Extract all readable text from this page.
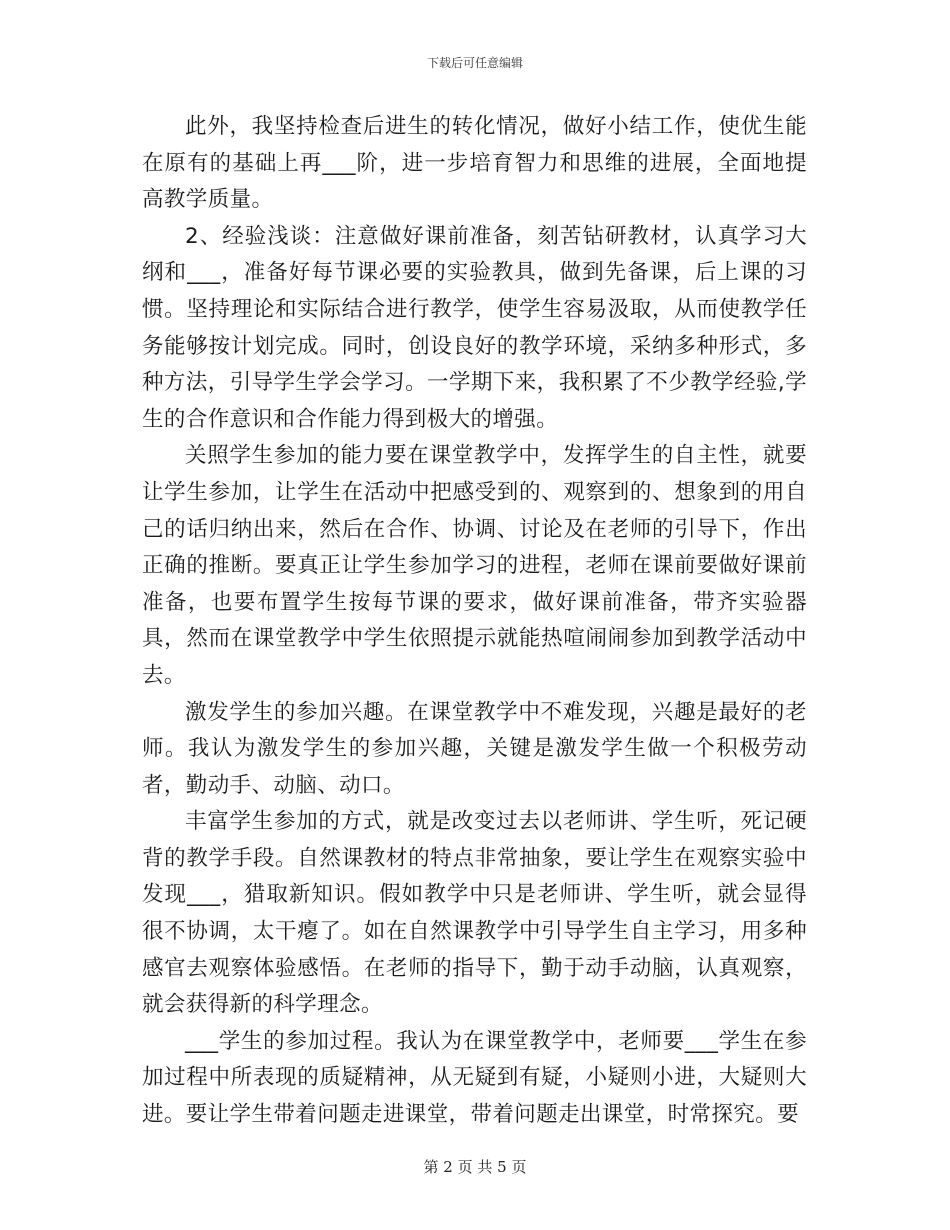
下载后可任意编辑

此外，我坚持检查后进生的转化情况，做好小结工作，使优生能在原有的基础上再___阶，进一步培育智力和思维的进展，全面地提高教学质量。

2、经验浅谈：注意做好课前准备，刻苦钻研教材，认真学习大纲和___，准备好每节课必要的实验教具，做到先备课，后上课的习惯。坚持理论和实际结合进行教学，使学生容易汲取，从而使教学任务能够按计划完成。同时，创设良好的教学环境，采纳多种形式，多种方法，引导学生学会学习。一学期下来，我积累了不少教学经验,学生的合作意识和合作能力得到极大的增强。

关照学生参加的能力要在课堂教学中，发挥学生的自主性，就要让学生参加，让学生在活动中把感受到的、观察到的、想象到的用自己的话归纳出来，然后在合作、协调、讨论及在老师的引导下，作出正确的推断。要真正让学生参加学习的进程，老师在课前要做好课前准备，也要布置学生按每节课的要求，做好课前准备，带齐实验器具，然而在课堂教学中学生依照提示就能热喧闹闹参加到教学活动中去。

激发学生的参加兴趣。在课堂教学中不难发现，兴趣是最好的老师。我认为激发学生的参加兴趣，关键是激发学生做一个积极劳动者，勤动手、动脑、动口。

丰富学生参加的方式，就是改变过去以老师讲、学生听，死记硬背的教学手段。自然课教材的特点非常抽象，要让学生在观察实验中发现___，猎取新知识。假如教学中只是老师讲、学生听，就会显得很不协调，太干瘪了。如在自然课教学中引导学生自主学习，用多种感官去观察体验感悟。在老师的指导下，勤于动手动脑，认真观察，就会获得新的科学理念。

___学生的参加过程。我认为在课堂教学中，老师要___学生在参加过程中所表现的质疑精神，从无疑到有疑，小疑则小进，大疑则大进。要让学生带着问题走进课堂，带着问题走出课堂，时常探究。要

第 2 页 共 5 页
